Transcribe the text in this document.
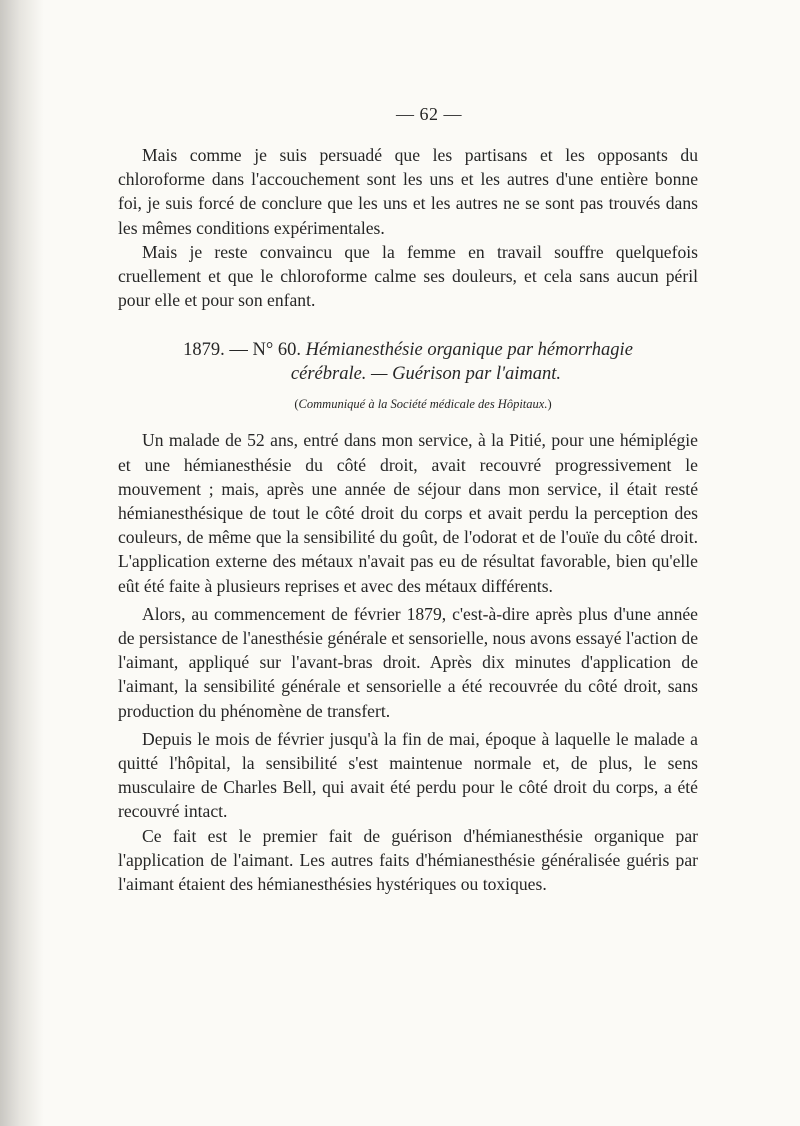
— 62 —

Mais comme je suis persuadé que les partisans et les opposants du chloroforme dans l'accouchement sont les uns et les autres d'une entière bonne foi, je suis forcé de conclure que les uns et les autres ne se sont pas trouvés dans les mêmes conditions expérimentales.

Mais je reste convaincu que la femme en travail souffre quelquefois cruellement et que le chloroforme calme ses douleurs, et cela sans aucun péril pour elle et pour son enfant.

1879. — N° 60. Hémianesthésie organique par hémorrhagie
cérébrale. — Guérison par l'aimant.
(Communiqué à la Société médicale des Hôpitaux.)

Un malade de 52 ans, entré dans mon service, à la Pitié, pour une hémiplégie et une hémianesthésie du côté droit, avait recouvré progressivement le mouvement ; mais, après une année de séjour dans mon service, il était resté hémianesthésique de tout le côté droit du corps et avait perdu la perception des couleurs, de même que la sensibilité du goût, de l'odorat et de l'ouïe du côté droit. L'application externe des métaux n'avait pas eu de résultat favorable, bien qu'elle eût été faite à plusieurs reprises et avec des métaux différents.

Alors, au commencement de février 1879, c'est-à-dire après plus d'une année de persistance de l'anesthésie générale et sensorielle, nous avons essayé l'action de l'aimant, appliqué sur l'avant-bras droit. Après dix minutes d'application de l'aimant, la sensibilité générale et sensorielle a été recouvrée du côté droit, sans production du phénomène de transfert.

Depuis le mois de février jusqu'à la fin de mai, époque à laquelle le malade a quitté l'hôpital, la sensibilité s'est maintenue normale et, de plus, le sens musculaire de Charles Bell, qui avait été perdu pour le côté droit du corps, a été recouvré intact.

Ce fait est le premier fait de guérison d'hémianesthésie organique par l'application de l'aimant. Les autres faits d'hémianesthésie généralisée guéris par l'aimant étaient des hémianesthésies hystériques ou toxiques.
